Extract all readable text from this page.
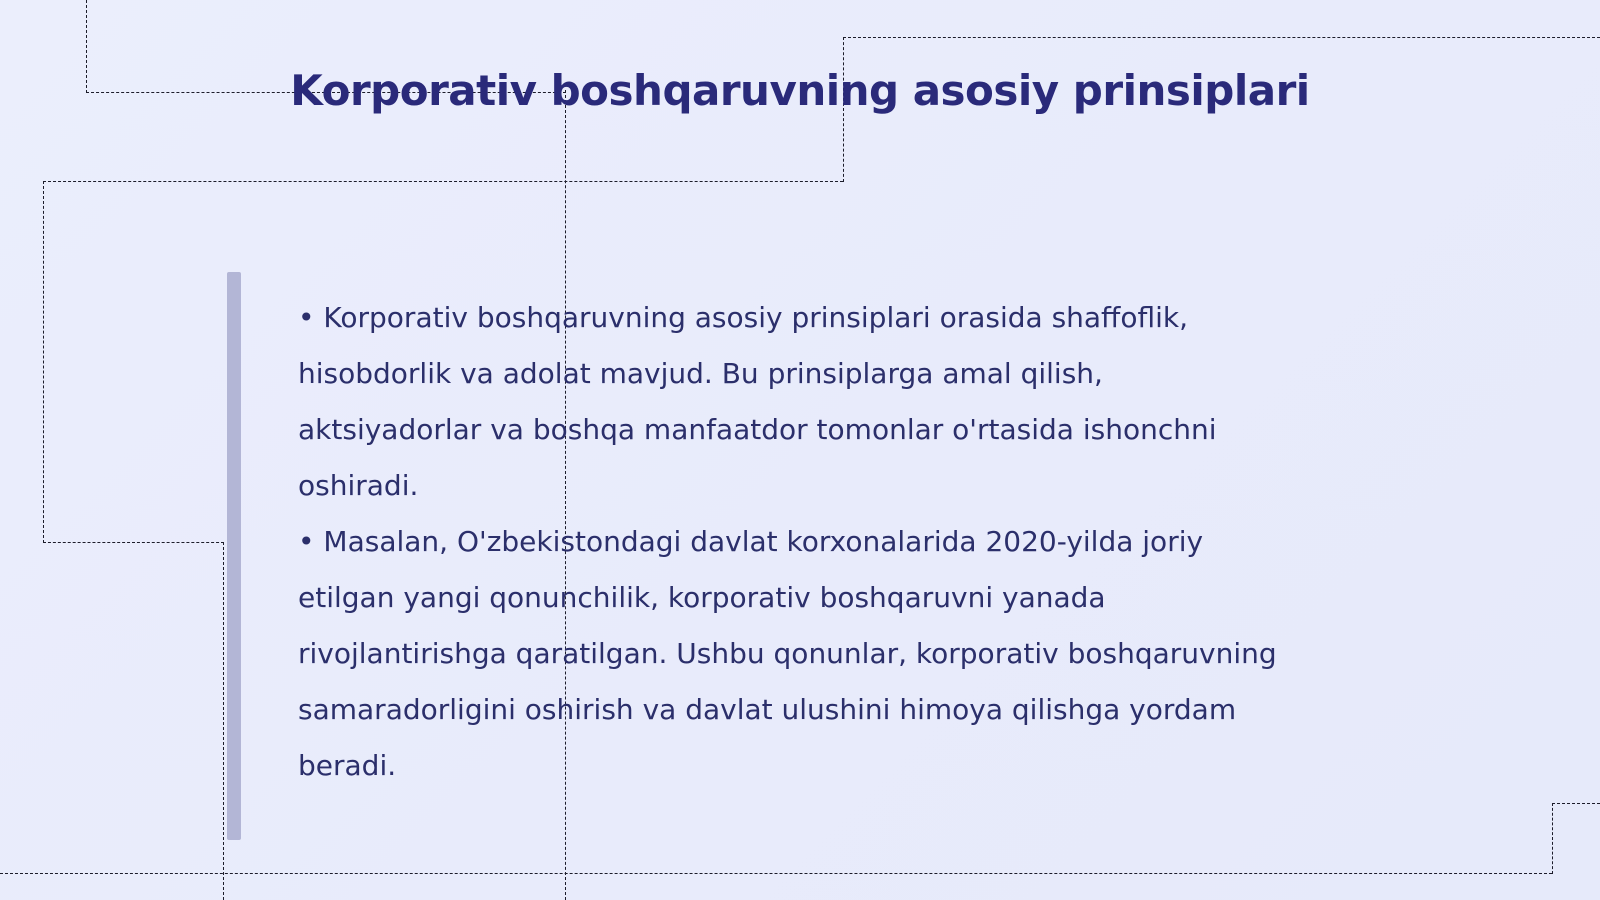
Korporativ boshqaruvning asosiy prinsiplari

• Korporativ boshqaruvning asosiy prinsiplari orasida shaffoflik, hisobdorlik va adolat mavjud. Bu prinsiplarga amal qilish, aktsiyadorlar va boshqa manfaatdor tomonlar o'rtasida ishonchni oshiradi.

• Masalan, O'zbekistondagi davlat korxonalarida 2020-yilda joriy etilgan yangi qonunchilik, korporativ boshqaruvni yanada rivojlantirishga qaratilgan. Ushbu qonunlar, korporativ boshqaruvning samaradorligini oshirish va davlat ulushini himoya qilishga yordam beradi.
